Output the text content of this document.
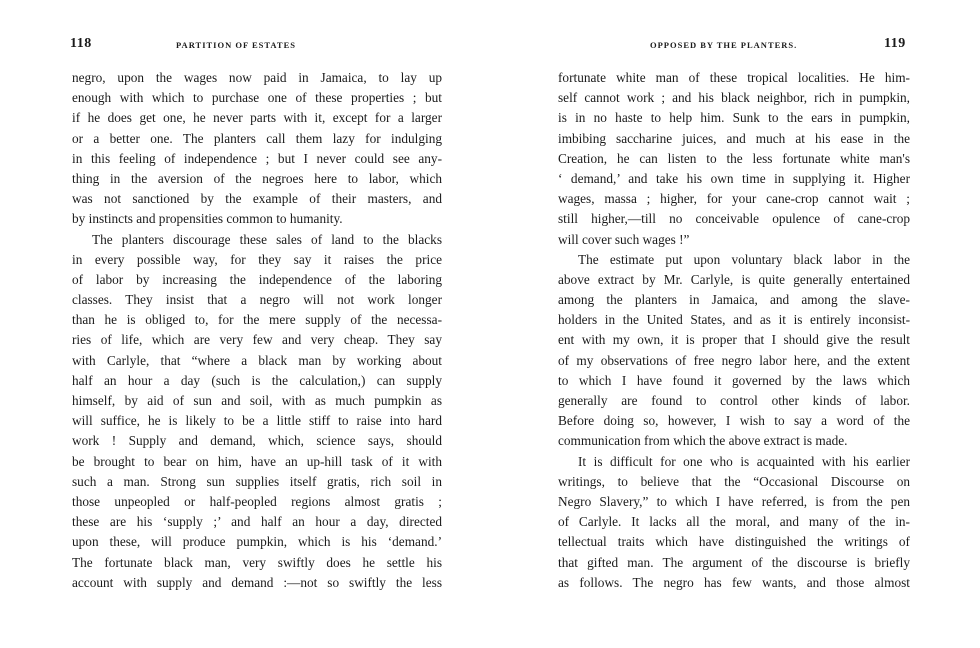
118	PARTITION OF ESTATES
negro, upon the wages now paid in Jamaica, to lay up
enough with which to purchase one of these properties ; but
if he does get one, he never parts with it, except for a larger
or a better one. The planters call them lazy for indulging
in this feeling of independence ; but I never could see any-
thing in the aversion of the negroes here to labor, which
was not sanctioned by the example of their masters, and
by instincts and propensities common to humanity.
The planters discourage these sales of land to the blacks
in every possible way, for they say it raises the price
of labor by increasing the independence of the laboring
classes. They insist that a negro will not work longer
than he is obliged to, for the mere supply of the necessa-
ries of life, which are very few and very cheap. They say
with Carlyle, that “where a black man by working about
half an hour a day (such is the calculation,) can supply
himself, by aid of sun and soil, with as much pumpkin as
will suffice, he is likely to be a little stiff to raise into hard
work ! Supply and demand, which, science says, should
be brought to bear on him, have an up-hill task of it with
such a man. Strong sun supplies itself gratis, rich soil in
those unpeopled or half-peopled regions almost gratis ;
these are his ‘supply ;’ and half an hour a day, directed
upon these, will produce pumpkin, which is his ‘demand.’
The fortunate black man, very swiftly does he settle his
account with supply and demand :—not so swiftly the less
OPPOSED BY THE PLANTERS.	119
fortunate white man of these tropical localities. He him-
self cannot work ; and his black neighbor, rich in pumpkin,
is in no haste to help him. Sunk to the ears in pumpkin,
imbibing saccharine juices, and much at his ease in the
Creation, he can listen to the less fortunate white man's
‘ demand,’ and take his own time in supplying it. Higher
wages, massa ; higher, for your cane-crop cannot wait ;
still higher,—till no conceivable opulence of cane-crop
will cover such wages !”
The estimate put upon voluntary black labor in the
above extract by Mr. Carlyle, is quite generally entertained
among the planters in Jamaica, and among the slave-
holders in the United States, and as it is entirely inconsist-
ent with my own, it is proper that I should give the result
of my observations of free negro labor here, and the extent
to which I have found it governed by the laws which
generally are found to control other kinds of labor.
Before doing so, however, I wish to say a word of the
communication from which the above extract is made.
It is difficult for one who is acquainted with his earlier
writings, to believe that the “Occasional Discourse on
Negro Slavery,” to which I have referred, is from the pen
of Carlyle. It lacks all the moral, and many of the in-
tellectual traits which have distinguished the writings of
that gifted man. The argument of the discourse is briefly
as follows. The negro has few wants, and those almost
